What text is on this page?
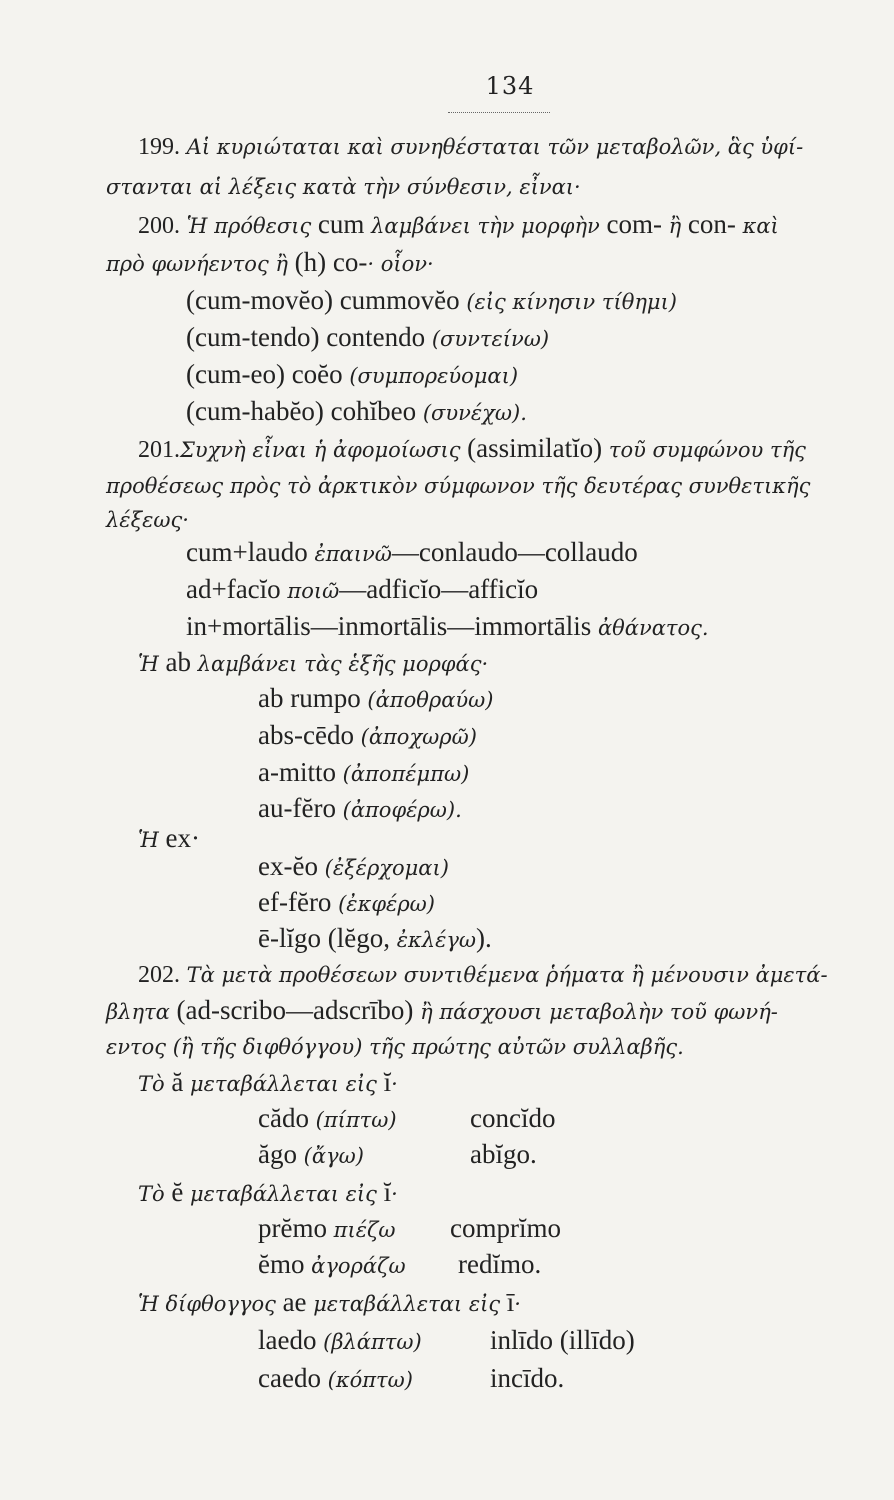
134
199. Αἱ κυριώταται καὶ συνηθέσταται τῶν μεταβολῶν, ἃς ὑφί-
στανται αἱ λέξεις κατὰ τὴν σύνθεσιν, εἶναι·
200. Ἡ πρόθεσις cum λαμβάνει τὴν μορφὴν com- ἢ con- καὶ
πρὸ φωνήεντος ἢ (h) co-· οἷον·
(cum-movĕo) cummovĕo (εἰς κίνησιν τίθημι)
(cum-tendo) contendo (συντείνω)
(cum-eo) coĕo (συμπορεύομαι)
(cum-habĕo) cohĭbeo (συνέχω).
201.Συχνὴ εἶναι ἡ ἀφομοίωσις (assimilatĭo) τοῦ συμφώνου τῆς
προθέσεως πρὸς τὸ ἀρκτικὸν σύμφωνον τῆς δευτέρας συνθετικῆς
λέξεως·
cum+laudo ἐπαινῶ—conlaudo—collaudo
ad+facĭo ποιῶ—adficĭo—afficĭo
in+mortālis—inmortālis—immortālis ἀθάνατος.
Ἡ ab λαμβάνει τὰς ἑξῆς μορφάς·
ab rumpo (ἀποθραύω)
abs-cēdo (ἀποχωρῶ)
a-mitto (ἀποπέμπω)
au-fĕro (ἀποφέρω).
Ἡ ex·
ex-ĕo (ἐξέρχομαι)
ef-fĕro (ἐκφέρω)
ē-lĭgo (lĕgo, ἐκλέγω).
202. Τὰ μετὰ προθέσεων συντιθέμενα ῥήματα ἢ μένουσιν ἀμετά-
βλητα (ad-scribo—adscrībo) ἢ πάσχουσι μεταβολὴν τοῦ φωνή-
εντος (ἢ τῆς διφθόγγου) τῆς πρώτης αὐτῶν συλλαβῆς.
Τὸ ă μεταβάλλεται εἰς ĭ·
cădo (πίπτω)	concĭdo
ăgo (ἄγω)	abĭgo.
Τὸ ĕ μεταβάλλεται εἰς ĭ·
prĕmo πιέζω comprĭmo
ĕmo ἀγοράζω redĭmo.
Ἡ δίφθογγος ae μεταβάλλεται εἰς ī·
laedo (βλάπτω)	inlīdo (illīdo)
caedo (κόπτω)	incīdo.
